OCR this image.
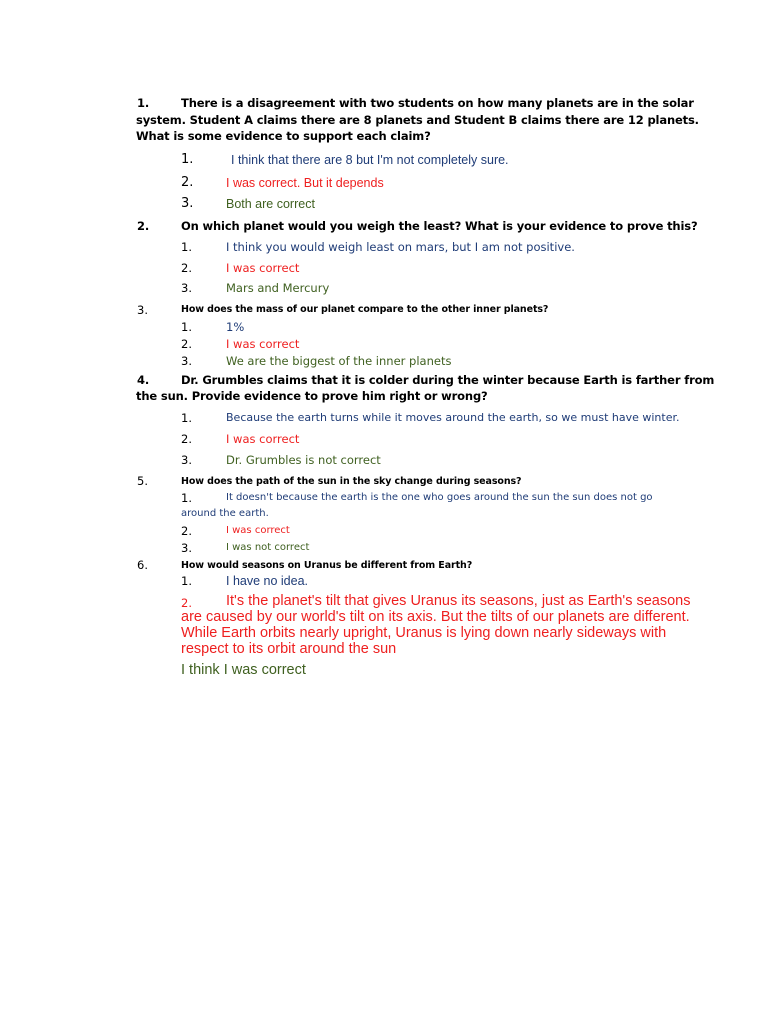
1.	There is a disagreement with two students on how many planets are in the solar
system. Student A claims there are 8 planets and Student B claims there are 12 planets.
What is some evidence to support each claim?
1.	I think that there are 8 but I'm not completely sure.
2.	I was correct. But it depends
3.	Both are correct
2.	On which planet would you weigh the least? What is your evidence to prove this?
1.	I think you would weigh least on mars, but I am not positive.
2.	I was correct
3.	Mars and Mercury
3.	How does the mass of our planet compare to the other inner planets?
1.	1%
2.	I was correct
3.	We are the biggest of the inner planets
4.	Dr. Grumbles claims that it is colder during the winter because Earth is farther from
the sun. Provide evidence to prove him right or wrong?
1.	Because the earth turns while it moves around the earth, so we must have winter.
2.	I was correct
3.	Dr. Grumbles is not correct
5.	How does the path of the sun in the sky change during seasons?
1.	It doesn't because the earth is the one who goes around the sun the sun does not go
around the earth.
2.	I was correct
3.	I was not correct
6.	How would seasons on Uranus be different from Earth?
1.	I have no idea.
2. It's the planet's tilt that gives Uranus its seasons, just as Earth's seasons
are caused by our world's tilt on its axis. But the tilts of our planets are different.
While Earth orbits nearly upright, Uranus is lying down nearly sideways with
respect to its orbit around the sun
I think I was correct
